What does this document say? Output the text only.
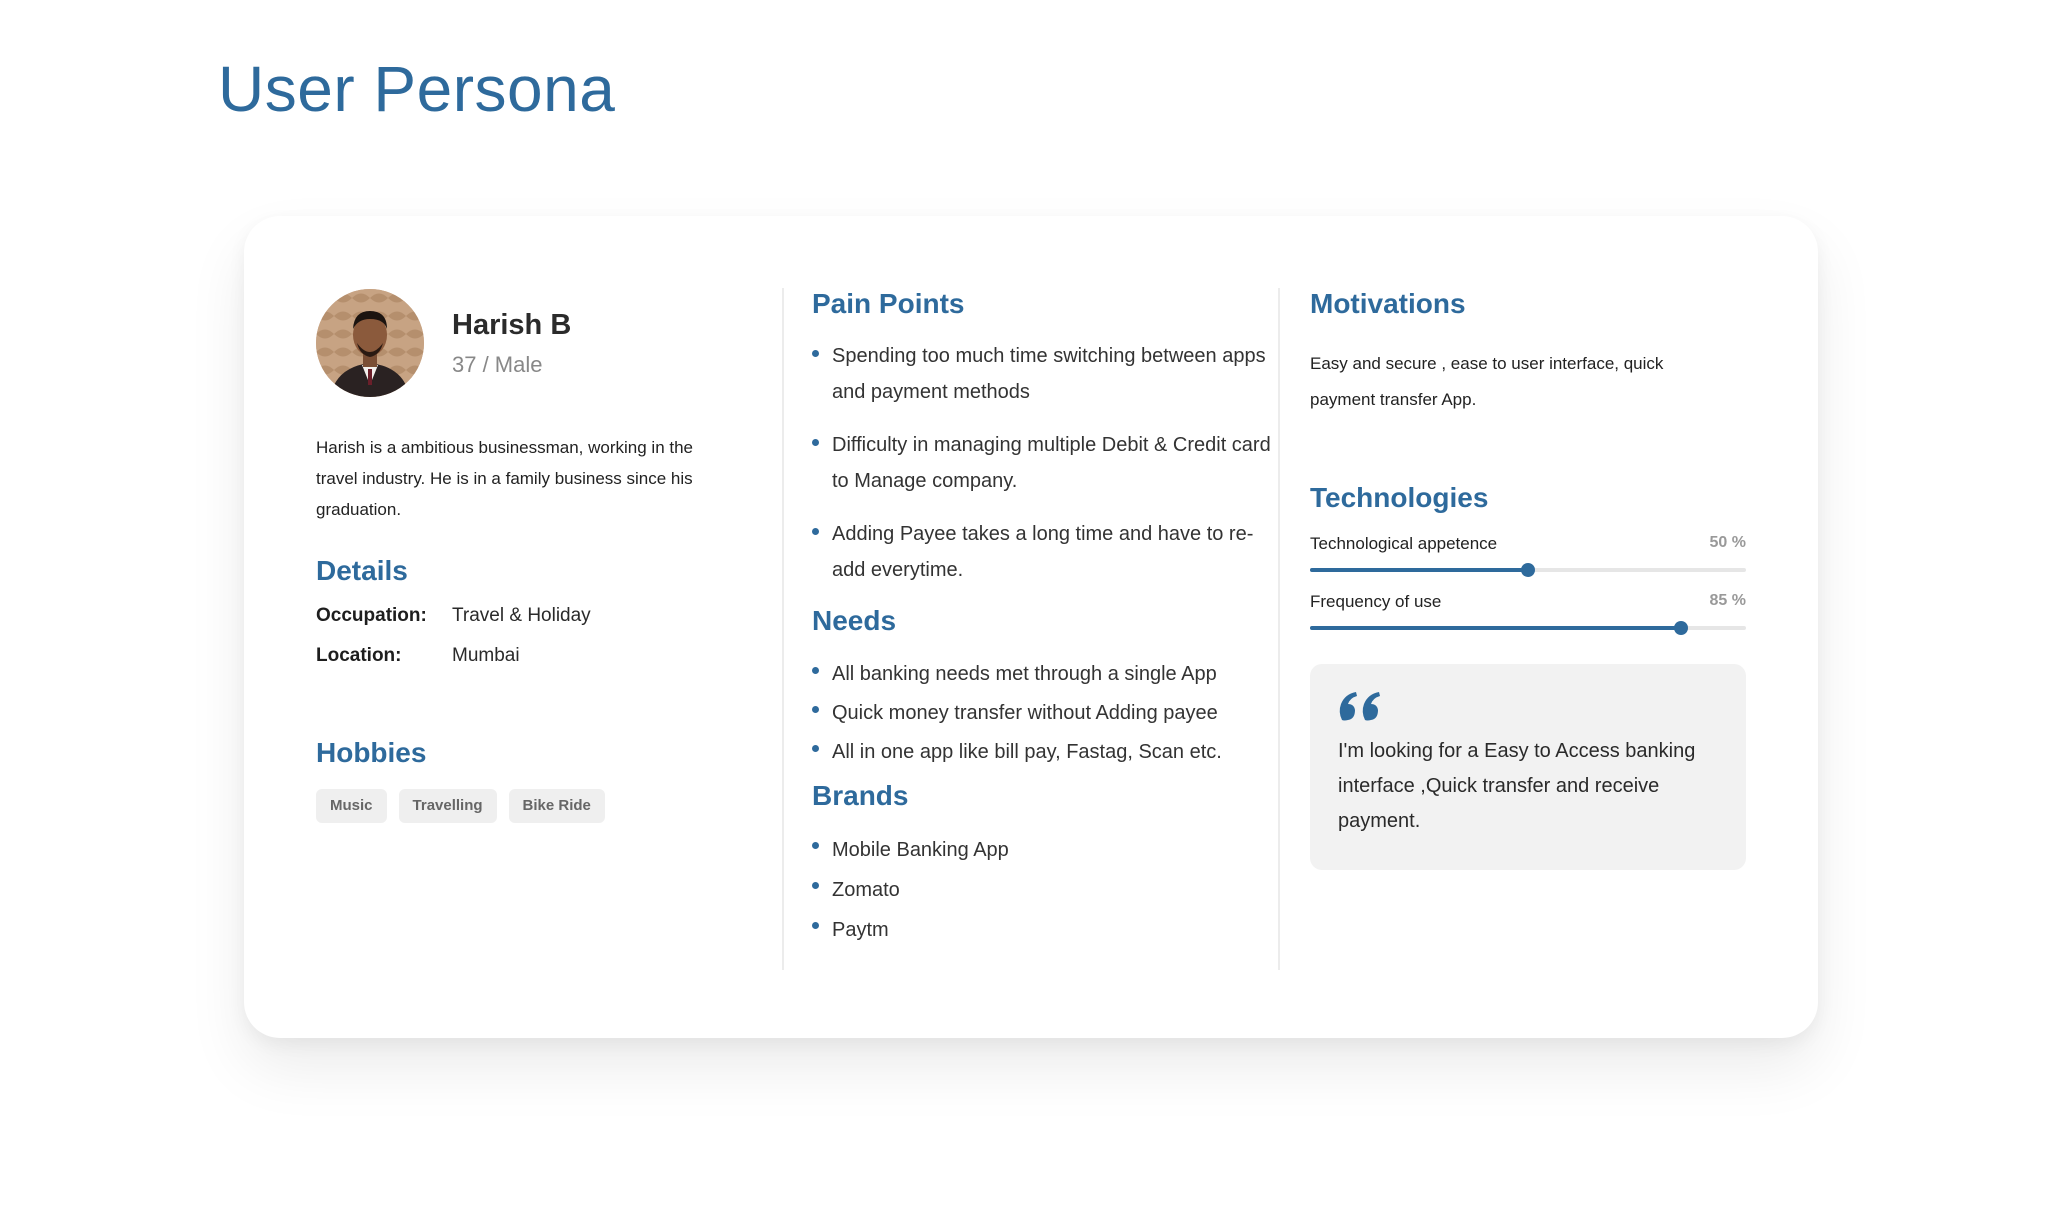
User Persona
Harish B
37 / Male
Harish is a ambitious businessman, working in the travel industry. He is in a family business since his graduation.
Details
Occupation:	Travel & Holiday
Location:	Mumbai
Hobbies
Music	Travelling	Bike Ride
Pain Points
Spending too much time switching between apps and payment methods
Difficulty in managing multiple Debit & Credit card to Manage company.
Adding Payee takes a long time and have to re-add everytime.
Needs
All banking needs met through a single App
Quick money transfer without Adding payee
All in one app like bill pay, Fastag, Scan etc.
Brands
Mobile Banking App
Zomato
Paytm
Motivations
Easy and secure , ease to user interface, quick payment transfer App.
Technologies
Technological appetence	50 %
Frequency of use	85 %
I'm looking for a Easy to Access banking interface ,Quick transfer and receive payment.
